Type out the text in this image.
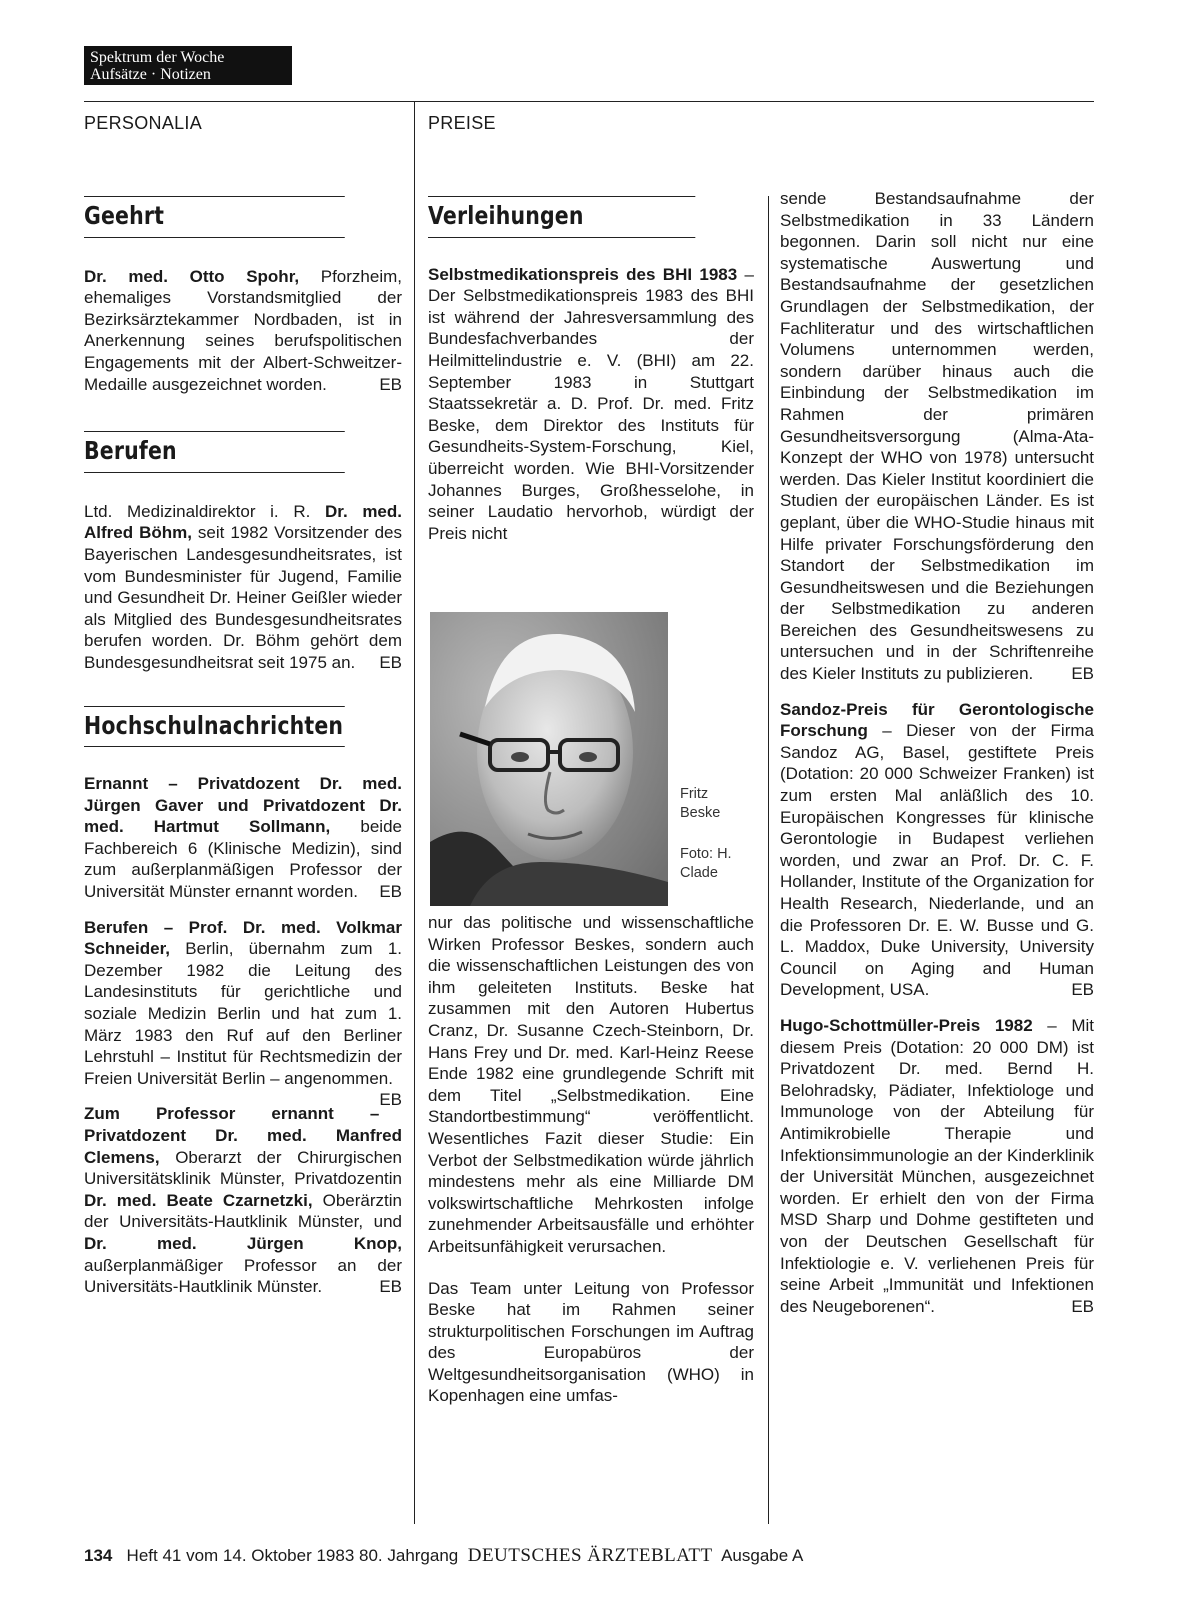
Spektrum der Woche
Aufsätze · Notizen
PERSONALIA	PREISE
Geehrt

Dr. med. Otto Spohr, Pforzheim, ehemaliges Vorstandsmitglied der Bezirksärztekammer Nordbaden, ist in Anerkennung seines berufspolitischen Engagements mit der Albert-Schweitzer-Medaille ausgezeichnet worden.	EB

Berufen

Ltd. Medizinaldirektor i. R. Dr. med. Alfred Böhm, seit 1982 Vorsitzender des Bayerischen Landesgesundheitsrates, ist vom Bundesminister für Jugend, Familie und Gesundheit Dr. Heiner Geißler wieder als Mitglied des Bundesgesundheitsrates berufen worden. Dr. Böhm gehört dem Bundesgesundheitsrat seit 1975 an. EB

Hochschulnachrichten

Ernannt – Privatdozent Dr. med. Jürgen Gaver und Privatdozent Dr. med. Hartmut Sollmann, beide Fachbereich 6 (Klinische Medizin), sind zum außerplanmäßigen Professor der Universität Münster ernannt worden. EB

Berufen – Prof. Dr. med. Volkmar Schneider, Berlin, übernahm zum 1. Dezember 1982 die Leitung des Landesinstituts für gerichtliche und soziale Medizin Berlin und hat zum 1. März 1983 den Ruf auf den Berliner Lehrstuhl – Institut für Rechtsmedizin der Freien Universität Berlin – angenommen.
EB

Zum Professor ernannt – Privatdozent Dr. med. Manfred Clemens, Oberarzt der Chirurgischen Universitätsklinik Münster, Privatdozentin Dr. med. Beate Czarnetzki, Oberärztin der Universitäts-Hautklinik Münster, und Dr. med. Jürgen Knop, außerplanmäßiger Professor an der Universitäts-Hautklinik Münster.	EB

Verleihungen

Selbstmedikationspreis des BHI 1983 – Der Selbstmedikationspreis 1983 des BHI ist während der Jahresversammlung des Bundesfachverbandes der Heilmittelindustrie e. V. (BHI) am 22. September 1983 in Stuttgart Staatssekretär a. D. Prof. Dr. med. Fritz Beske, dem Direktor des Instituts für Gesundheits-System-Forschung, Kiel, überreicht worden. Wie BHI-Vorsitzender Johannes Burges, Großhesselohe, in seiner Laudatio hervorhob, würdigt der Preis nicht

Fritz Beske
Foto: H. Clade

nur das politische und wissenschaftliche Wirken Professor Beskes, sondern auch die wissenschaftlichen Leistungen des von ihm geleiteten Instituts. Beske hat zusammen mit den Autoren Hubertus Cranz, Dr. Susanne Czech-Steinborn, Dr. Hans Frey und Dr. med. Karl-Heinz Reese Ende 1982 eine grundlegende Schrift mit dem Titel „Selbstmedikation. Eine Standortbestimmung“ veröffentlicht. Wesentliches Fazit dieser Studie: Ein Verbot der Selbstmedikation würde jährlich mindestens mehr als eine Milliarde DM volkswirtschaftliche Mehrkosten infolge zunehmender Arbeitsausfälle und erhöhter Arbeitsunfähigkeit verursachen.

Das Team unter Leitung von Professor Beske hat im Rahmen seiner strukturpolitischen Forschungen im Auftrag des Europabüros der Weltgesundheitsorganisation (WHO) in Kopenhagen eine umfas-

sende Bestandsaufnahme der Selbstmedikation in 33 Ländern begonnen. Darin soll nicht nur eine systematische Auswertung und Bestandsaufnahme der gesetzlichen Grundlagen der Selbstmedikation, der Fachliteratur und des wirtschaftlichen Volumens unternommen werden, sondern darüber hinaus auch die Einbindung der Selbstmedikation im Rahmen der primären Gesundheitsversorgung (Alma-Ata-Konzept der WHO von 1978) untersucht werden. Das Kieler Institut koordiniert die Studien der europäischen Länder. Es ist geplant, über die WHO-Studie hinaus mit Hilfe privater Forschungsförderung den Standort der Selbstmedikation im Gesundheitswesen und die Beziehungen der Selbstmedikation zu anderen Bereichen des Gesundheitswesens zu untersuchen und in der Schriftenreihe des Kieler Instituts zu publizieren. EB

Sandoz-Preis für Gerontologische Forschung – Dieser von der Firma Sandoz AG, Basel, gestiftete Preis (Dotation: 20 000 Schweizer Franken) ist zum ersten Mal anläßlich des 10. Europäischen Kongresses für klinische Gerontologie in Budapest verliehen worden, und zwar an Prof. Dr. C. F. Hollander, Institute of the Organization for Health Research, Niederlande, und an die Professoren Dr. E. W. Busse und G. L. Maddox, Duke University, University Council on Aging and Human Development, USA.	EB

Hugo-Schottmüller-Preis 1982 – Mit diesem Preis (Dotation: 20 000 DM) ist Privatdozent Dr. med. Bernd H. Belohradsky, Pädiater, Infektiologe und Immunologe von der Abteilung für Antimikrobielle Therapie und Infektionsimmunologie an der Kinderklinik der Universität München, ausgezeichnet worden. Er erhielt den von der Firma MSD Sharp und Dohme gestifteten und von der Deutschen Gesellschaft für Infektiologie e. V. verliehenen Preis für seine Arbeit „Immunität und Infektionen des Neugeborenen“.	EB

134 Heft 41 vom 14. Oktober 1983 80. Jahrgang DEUTSCHES ÄRZTEBLATT Ausgabe A
